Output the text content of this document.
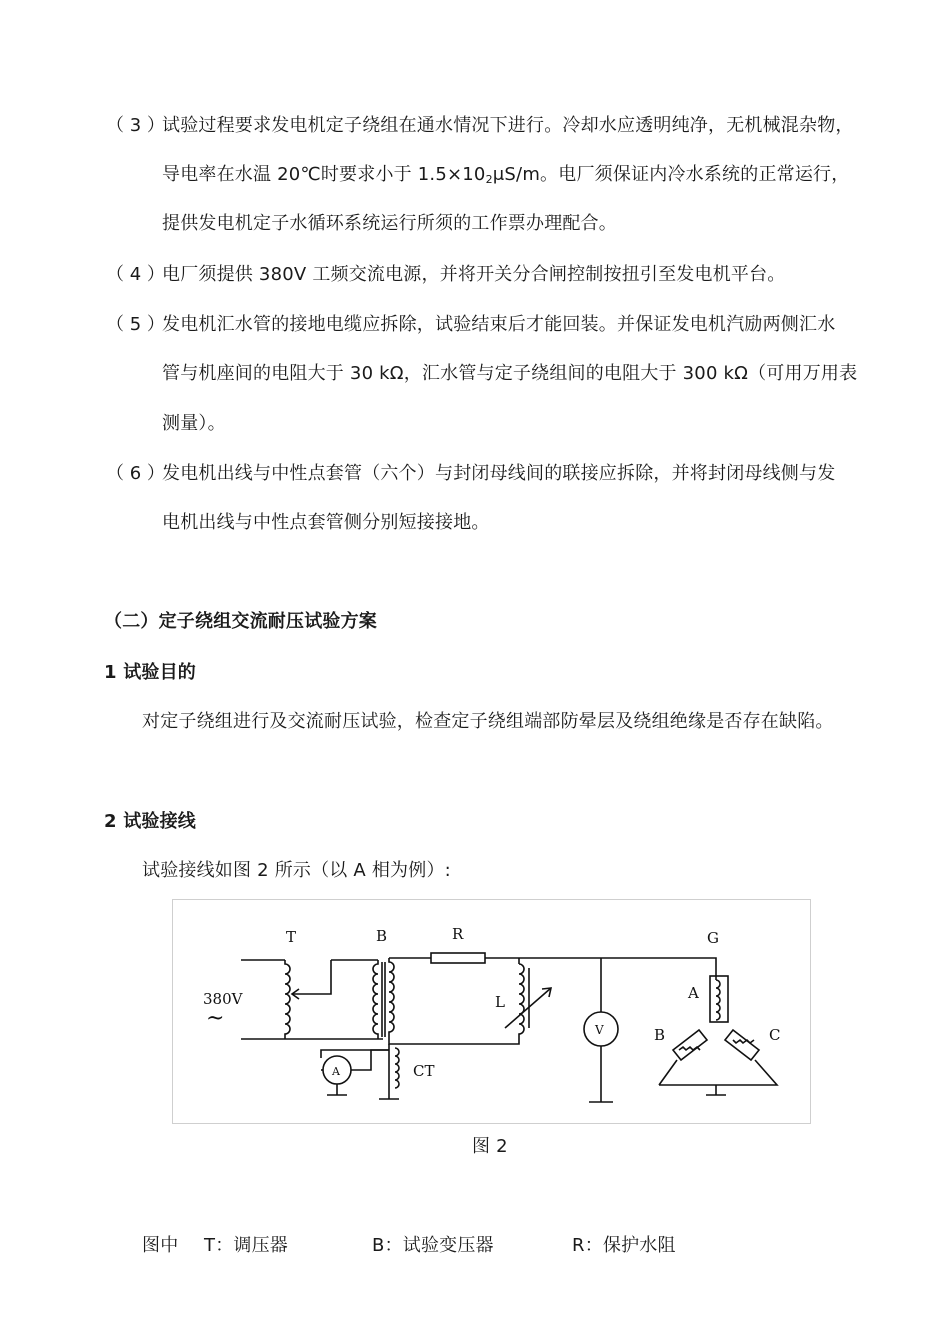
（ 3 ）
试验过程要求发电机定子绕组在通水情况下进行。冷却水应透明纯净，无机械混杂物，
导电率在水温 20℃时要求小于 $1.5\times 10_2\mu S/m$。电厂须保证内冷水系统的正常运行，
提供发电机定子水循环系统运行所须的工作票办理配合。
（ 4 ）
电厂须提供 380V 工频交流电源，并将开关分合闸控制按扭引至发电机平台。
（ 5 ）
发电机汇水管的接地电缆应拆除，试验结束后才能回装。并保证发电机汽励两侧汇水
管与机座间的电阻大于 30 kΩ，汇水管与定子绕组间的电阻大于 300 kΩ（可用万用表
测量）。
（ 6 ）
发电机出线与中性点套管（六个）与封闭母线间的联接应拆除，并将封闭母线侧与发
电机出线与中性点套管侧分别短接接地。
（二）定子绕组交流耐压试验方案
1 试验目的
对定子绕组进行及交流耐压试验，检查定子绕组端部防晕层及绕组绝缘是否存在缺陷。
2 试验接线
试验接线如图 2 所示（以 A 相为例）:
T	B	R	G
L
380V
~
A
B	C
CT
A
V
图 2
图中 T：调压器	B：试验变压器	R：保护水阻
